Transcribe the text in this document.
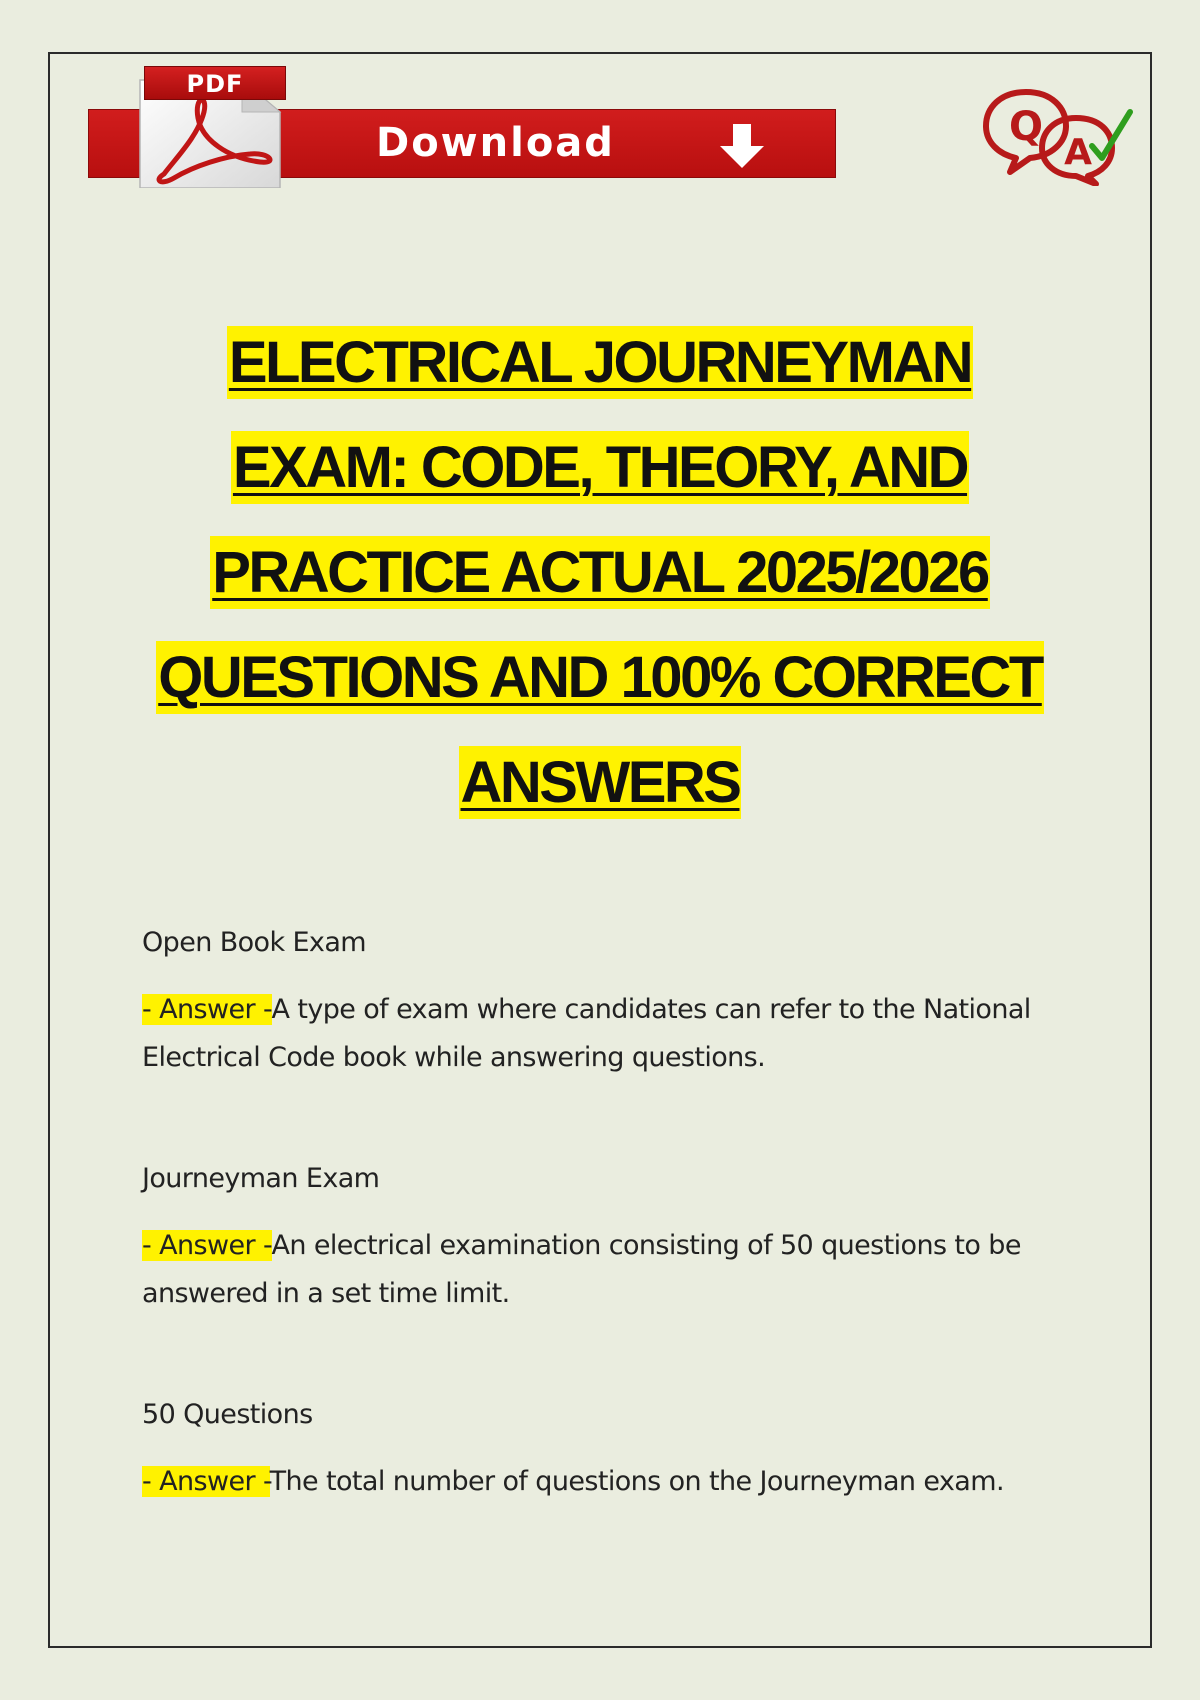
PDF
Download	Q
A
ELECTRICAL JOURNEYMAN
EXAM: CODE, THEORY, AND
PRACTICE ACTUAL 2025/2026
QUESTIONS AND 100% CORRECT
ANSWERS

Open Book Exam

- Answer -A type of exam where candidates can refer to the National Electrical Code book while answering questions.

Journeyman Exam

- Answer -An electrical examination consisting of 50 questions to be answered in a set time limit.

50 Questions

- Answer -The total number of questions on the Journeyman exam.
